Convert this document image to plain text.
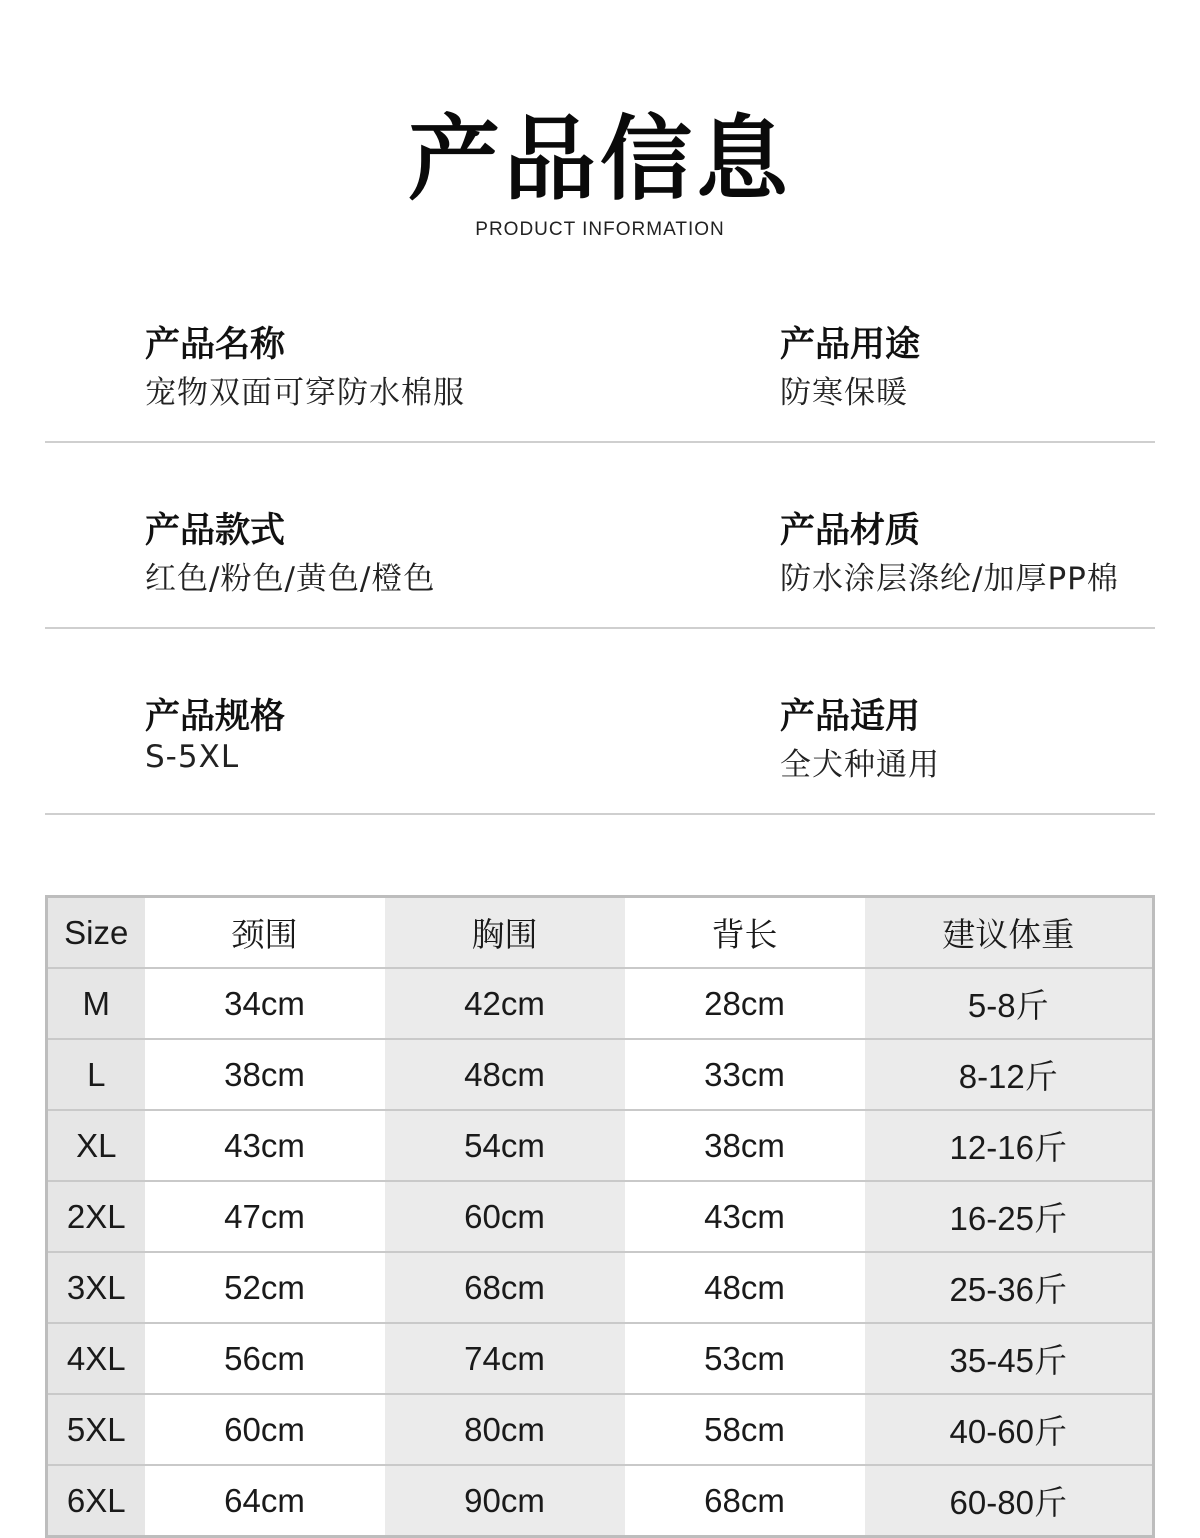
产品信息
PRODUCT INFORMATION
产品名称
宠物双面可穿防水棉服
产品用途
防寒保暖
产品款式
红色/粉色/黄色/橙色
产品材质
防水涂层涤纶/加厚PP棉
产品规格
S-5XL
产品适用
全犬种通用
Size	颈围	胸围	背长	建议体重
M	34cm	42cm	28cm	5-8斤
L	38cm	48cm	33cm	8-12斤
XL	43cm	54cm	38cm	12-16斤
2XL	47cm	60cm	43cm	16-25斤
3XL	52cm	68cm	48cm	25-36斤
4XL	56cm	74cm	53cm	35-45斤
5XL	60cm	80cm	58cm	40-60斤
6XL	64cm	90cm	68cm	60-80斤
